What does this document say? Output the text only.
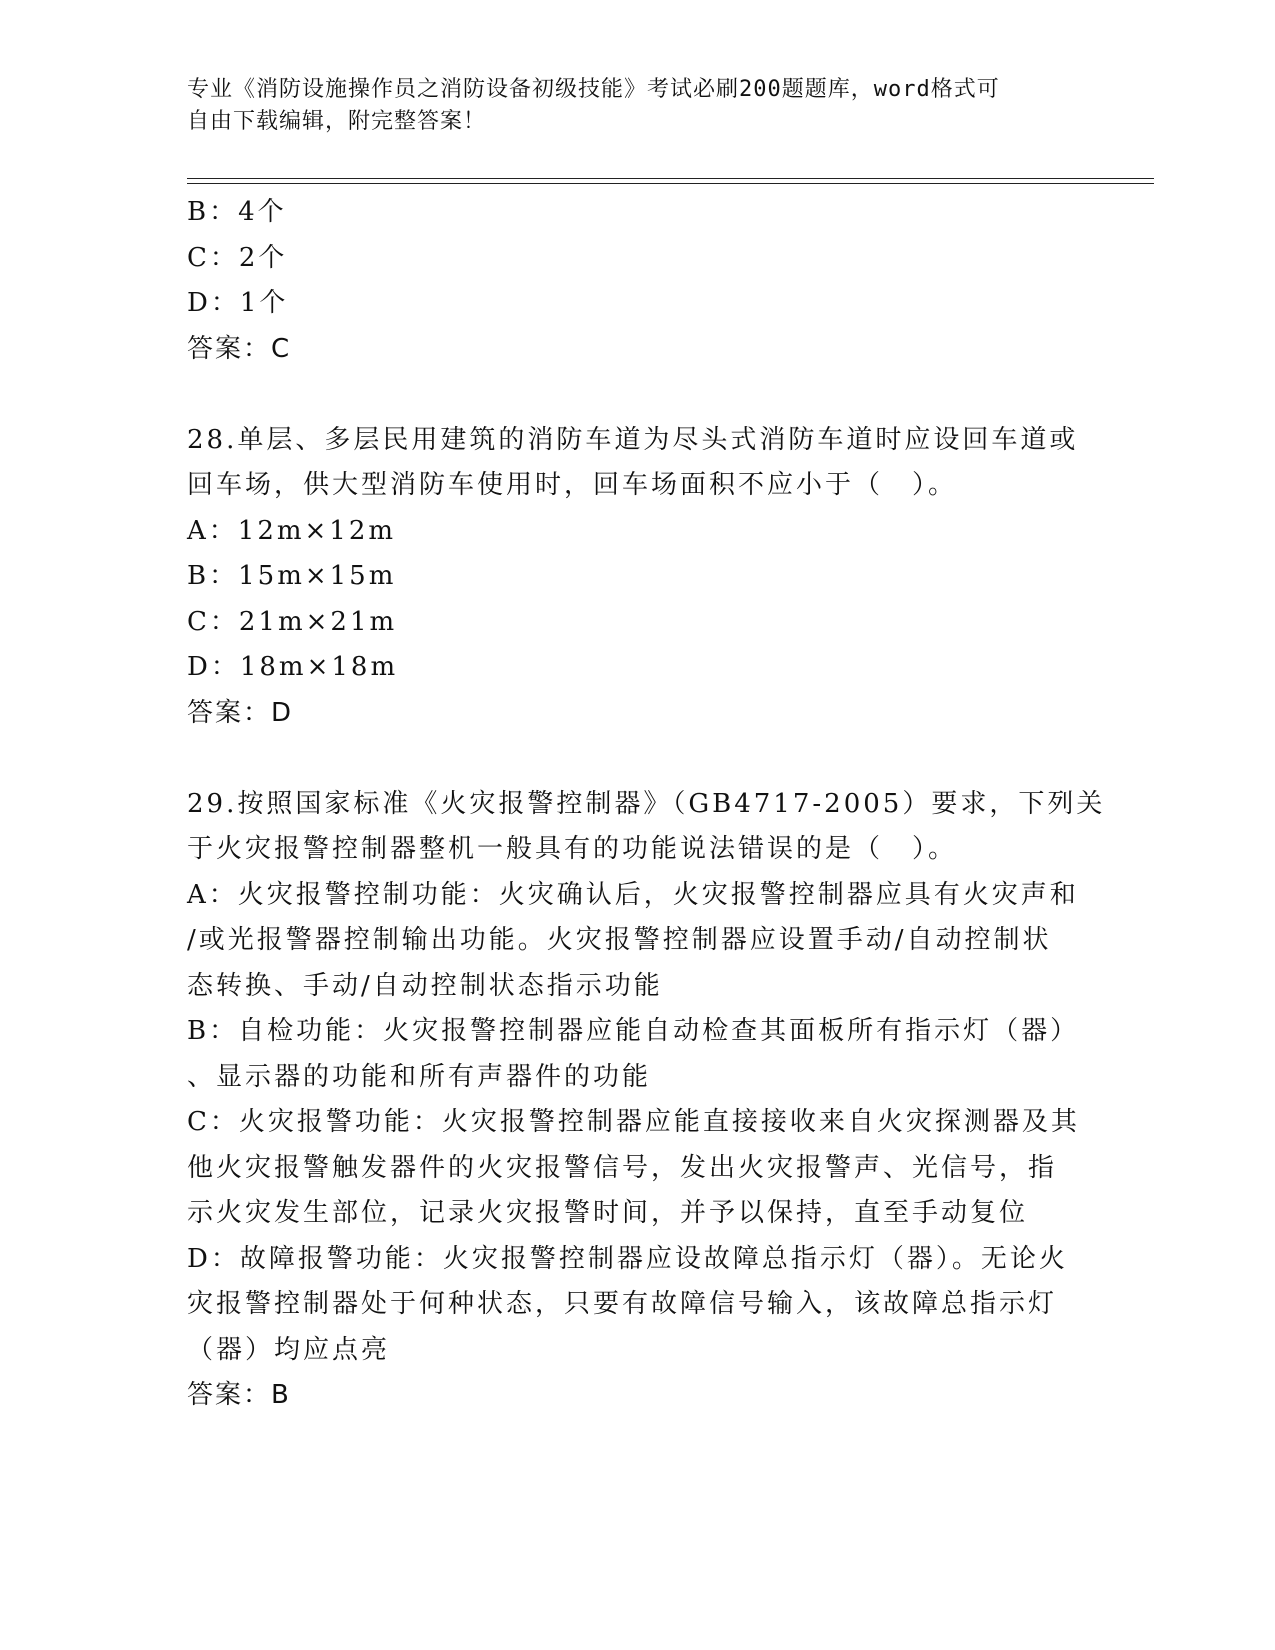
专业《消防设施操作员之消防设备初级技能》考试必刷200题题库，word格式可
自由下载编辑，附完整答案！
B：4个
C：2个
D：1个
答案：C
28.单层、多层民用建筑的消防车道为尽头式消防车道时应设回车道或
回车场，供大型消防车使用时，回车场面积不应小于（　）。
A：12m×12m
B：15m×15m
C：21m×21m
D：18m×18m
答案：D
29.按照国家标准《火灾报警控制器》（GB4717-2005）要求，下列关
于火灾报警控制器整机一般具有的功能说法错误的是（　）。
A：火灾报警控制功能：火灾确认后，火灾报警控制器应具有火灾声和
/或光报警器控制输出功能。火灾报警控制器应设置手动/自动控制状
态转换、手动/自动控制状态指示功能
B：自检功能：火灾报警控制器应能自动检查其面板所有指示灯（器）
、显示器的功能和所有声器件的功能
C：火灾报警功能：火灾报警控制器应能直接接收来自火灾探测器及其
他火灾报警触发器件的火灾报警信号，发出火灾报警声、光信号，指
示火灾发生部位，记录火灾报警时间，并予以保持，直至手动复位
D：故障报警功能：火灾报警控制器应设故障总指示灯（器）。无论火
灾报警控制器处于何种状态，只要有故障信号输入，该故障总指示灯
（器）均应点亮
答案：B
